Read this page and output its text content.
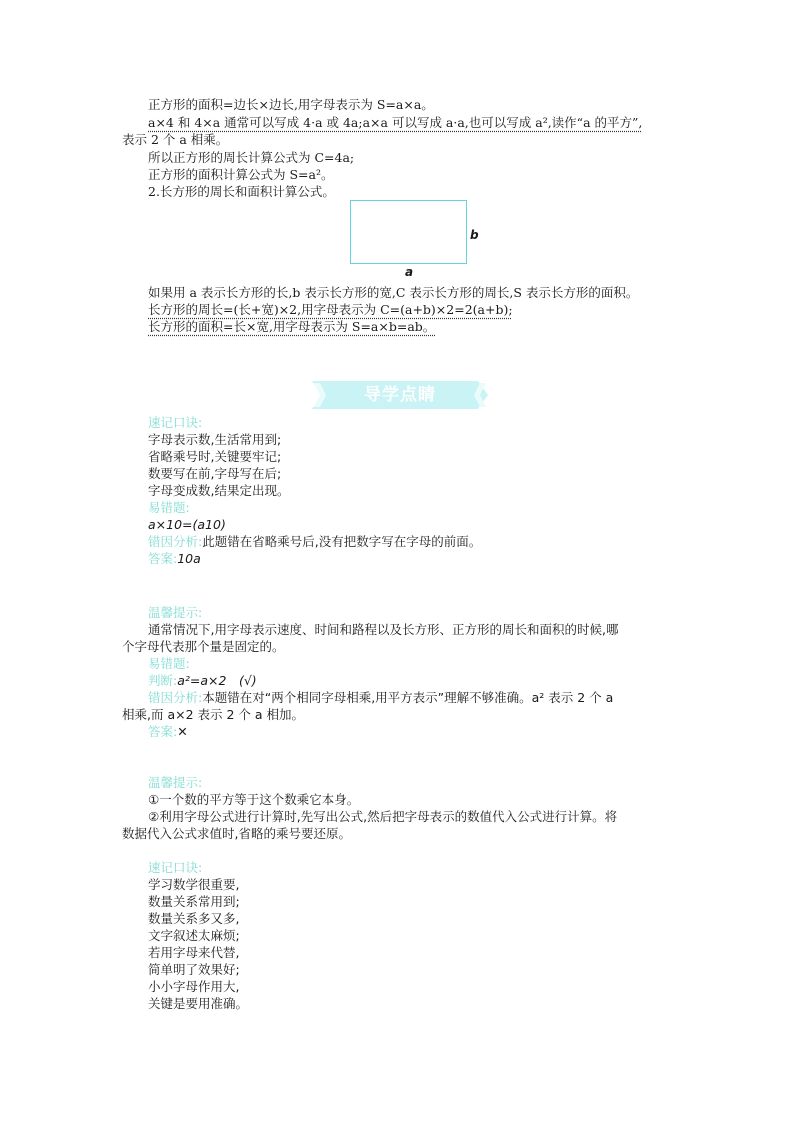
正方形的面积=边长×边长,用字母表示为 S=a×a。
a×4 和 4×a 通常可以写成 4·a 或 4a;a×a 可以写成 a·a,也可以写成 a²,读作“a 的平方”,
表示 2 个 a 相乘。
所以正方形的周长计算公式为 C=4a;
正方形的面积计算公式为 S=a²。
2.长方形的周长和面积计算公式。
b
a
如果用 a 表示长方形的长,b 表示长方形的宽,C 表示长方形的周长,S 表示长方形的面积。
长方形的周长=(长+宽)×2,用字母表示为 C=(a+b)×2=2(a+b);
长方形的面积=长×宽,用字母表示为 S=a×b=ab。
导学点睛
速记口诀:
字母表示数,生活常用到;
省略乘号时,关键要牢记;
数要写在前,字母写在后;
字母变成数,结果定出现。
易错题:
a×10=(a10)
错因分析:此题错在省略乘号后,没有把数字写在字母的前面。
答案:10a
温馨提示:
通常情况下,用字母表示速度、时间和路程以及长方形、正方形的周长和面积的时候,哪
个字母代表那个量是固定的。
易错题:
判断:a²=a×2　(√)
错因分析:本题错在对“两个相同字母相乘,用平方表示”理解不够准确。a² 表示 2 个 a
相乘,而 a×2 表示 2 个 a 相加。
答案:✕
温馨提示:
①一个数的平方等于这个数乘它本身。
②利用字母公式进行计算时,先写出公式,然后把字母表示的数值代入公式进行计算。将
数据代入公式求值时,省略的乘号要还原。
速记口诀:
学习数学很重要,
数量关系常用到;
数量关系多又多,
文字叙述太麻烦;
若用字母来代替,
简单明了效果好;
小小字母作用大,
关键是要用准确。
